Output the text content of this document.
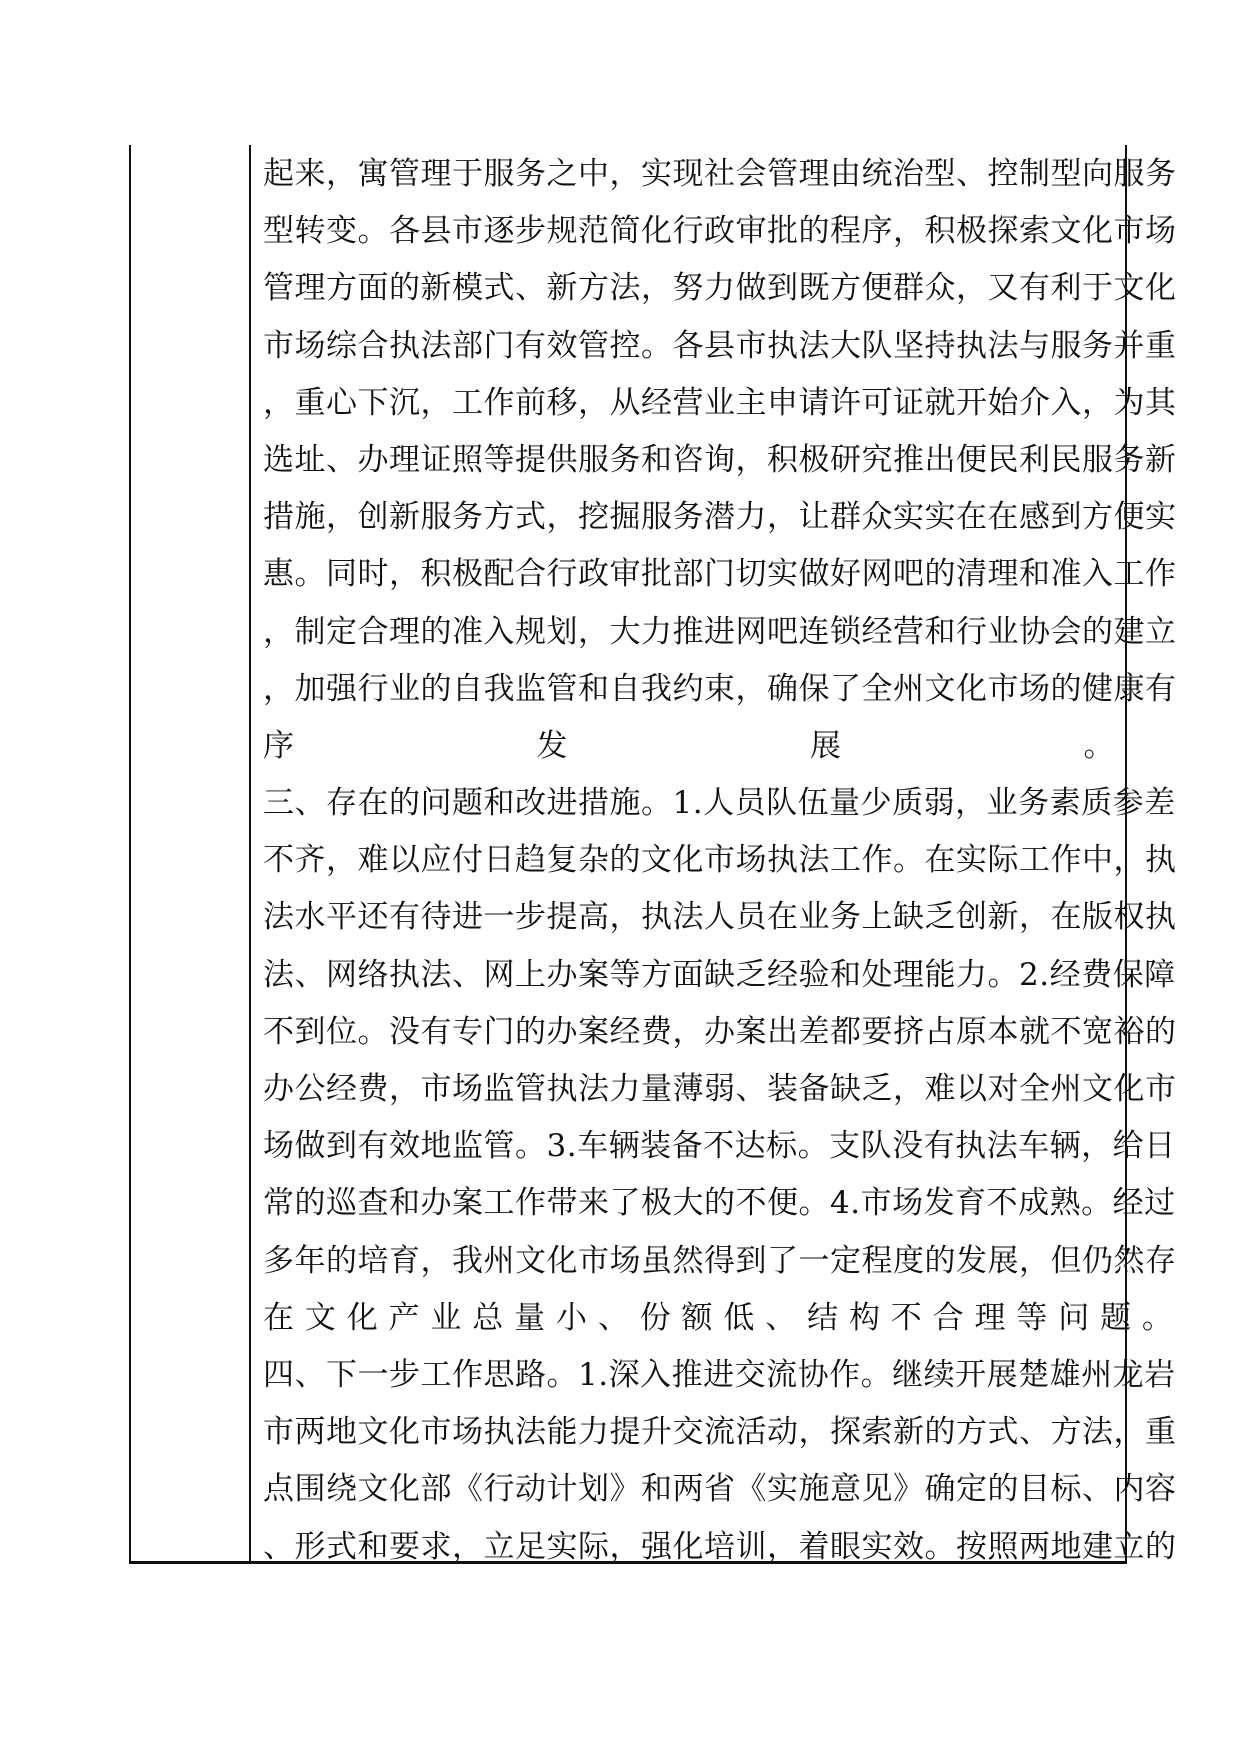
起来，寓管理于服务之中，实现社会管理由统治型、控制型向服务
型转变。各县市逐步规范简化行政审批的程序，积极探索文化市场
管理方面的新模式、新方法，努力做到既方便群众，又有利于文化
市场综合执法部门有效管控。各县市执法大队坚持执法与服务并重
，重心下沉，工作前移，从经营业主申请许可证就开始介入，为其
选址、办理证照等提供服务和咨询，积极研究推出便民利民服务新
措施，创新服务方式，挖掘服务潜力，让群众实实在在感到方便实
惠。同时，积极配合行政审批部门切实做好网吧的清理和准入工作
，制定合理的准入规划，大力推进网吧连锁经营和行业协会的建立
，加强行业的自我监管和自我约束，确保了全州文化市场的健康有
序 发 展 。
三、存在的问题和改进措施。1.人员队伍量少质弱，业务素质参差
不齐，难以应付日趋复杂的文化市场执法工作。在实际工作中，执
法水平还有待进一步提高，执法人员在业务上缺乏创新，在版权执
法、网络执法、网上办案等方面缺乏经验和处理能力。2.经费保障
不到位。没有专门的办案经费，办案出差都要挤占原本就不宽裕的
办公经费，市场监管执法力量薄弱、装备缺乏，难以对全州文化市
场做到有效地监管。3.车辆装备不达标。支队没有执法车辆，给日
常的巡查和办案工作带来了极大的不便。4.市场发育不成熟。经过
多年的培育，我州文化市场虽然得到了一定程度的发展，但仍然存
在 文 化 产 业 总 量 小 、 份 额 低 、 结 构 不 合 理 等 问 题 。
四、下一步工作思路。1.深入推进交流协作。继续开展楚雄州龙岩
市两地文化市场执法能力提升交流活动，探索新的方式、方法，重
点围绕文化部《行动计划》和两省《实施意见》确定的目标、内容
、形式和要求，立足实际，强化培训，着眼实效。按照两地建立的
